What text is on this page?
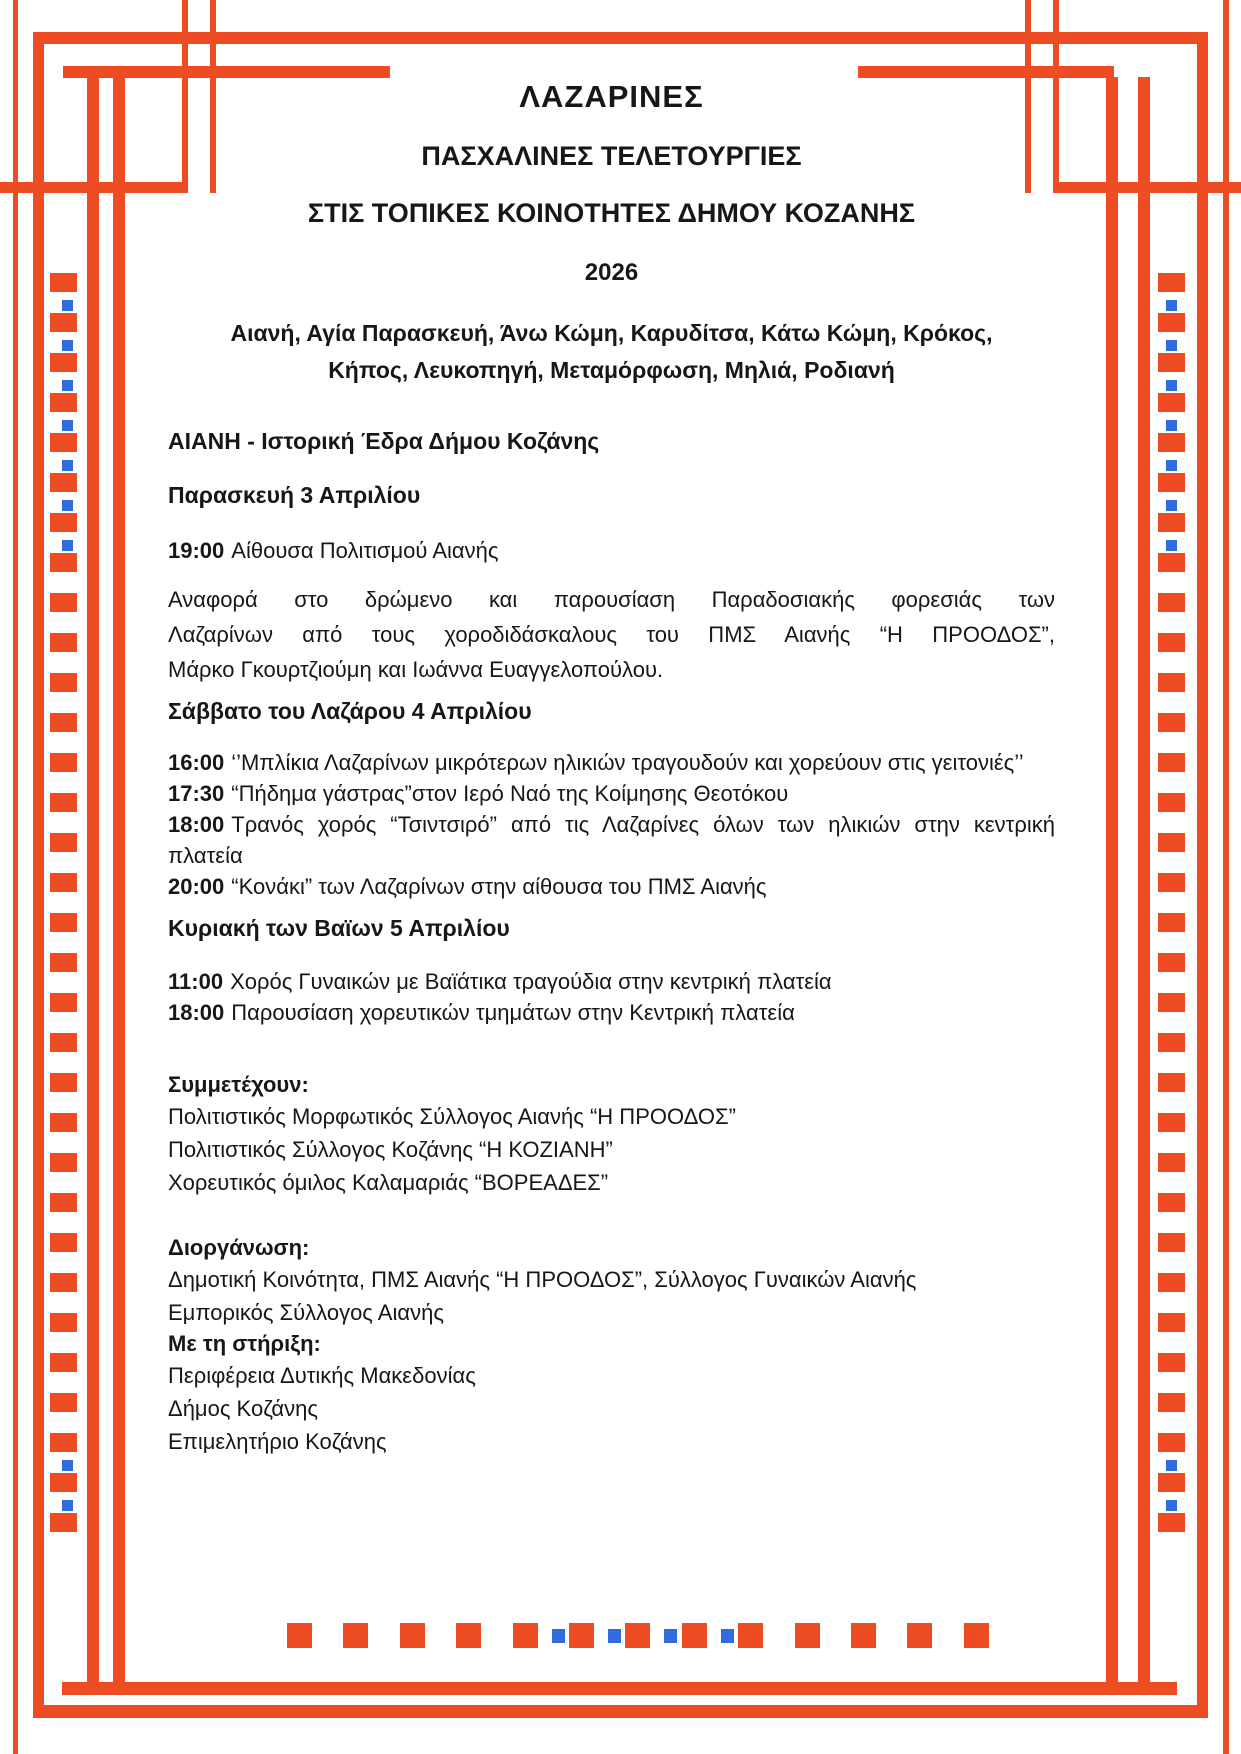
ΛΑΖΑΡΙΝΕΣ
ΠΑΣΧΑΛΙΝΕΣ ΤΕΛΕΤΟΥΡΓΙΕΣ
ΣΤΙΣ ΤΟΠΙΚΕΣ ΚΟΙΝΟΤΗΤΕΣ ΔΗΜΟΥ ΚΟΖΑΝΗΣ
2026
Αιανή, Αγία Παρασκευή, Άνω Κώμη, Καρυδίτσα, Κάτω Κώμη, Κρόκος,
Κήπος, Λευκοπηγή, Μεταμόρφωση, Μηλιά, Ροδιανή
ΑΙΑΝΗ - Ιστορική Έδρα Δήμου Κοζάνης
Παρασκευή 3 Απριλίου
19:00 Αίθουσα Πολιτισμού Αιανής
Αναφορά στο δρώμενο και παρουσίαση Παραδοσιακής φορεσιάς των
Λαζαρίνων από τους χοροδιδάσκαλους του ΠΜΣ Αιανής “Η ΠΡΟΟΔΟΣ”,
Μάρκο Γκουρτζιούμη και Ιωάννα Ευαγγελοπούλου.
Σάββατο του Λαζάρου 4 Απριλίου
16:00 ‘’Μπλίκια Λαζαρίνων μικρότερων ηλικιών τραγουδούν και χορεύουν στις γειτονιές’’
17:30 “Πήδημα γάστρας”στον Ιερό Ναό της Κοίμησης Θεοτόκου
18:00 Τρανός χορός “Τσιντσιρό” από τις Λαζαρίνες όλων των ηλικιών στην κεντρική πλατεία
20:00 “Κονάκι” των Λαζαρίνων στην αίθουσα του ΠΜΣ Αιανής
Κυριακή των Βαϊων 5 Απριλίου
11:00 Χορός Γυναικών με Βαϊάτικα τραγούδια στην κεντρική πλατεία
18:00 Παρουσίαση χορευτικών τμημάτων στην Κεντρική πλατεία
Συμμετέχουν:
Πολιτιστικός Μορφωτικός Σύλλογος Αιανής “Η ΠΡΟΟΔΟΣ”
Πολιτιστικός Σύλλογος Κοζάνης “Η ΚΟΖΙΑΝΗ”
Χορευτικός όμιλος Καλαμαριάς “ΒΟΡΕΑΔΕΣ”
Διοργάνωση:
Δημοτική Κοινότητα, ΠΜΣ Αιανής “Η ΠΡΟΟΔΟΣ”, Σύλλογος Γυναικών Αιανής
Εμπορικός Σύλλογος Αιανής
Με τη στήριξη:
Περιφέρεια Δυτικής Μακεδονίας
Δήμος Κοζάνης
Επιμελητήριο Κοζάνης
